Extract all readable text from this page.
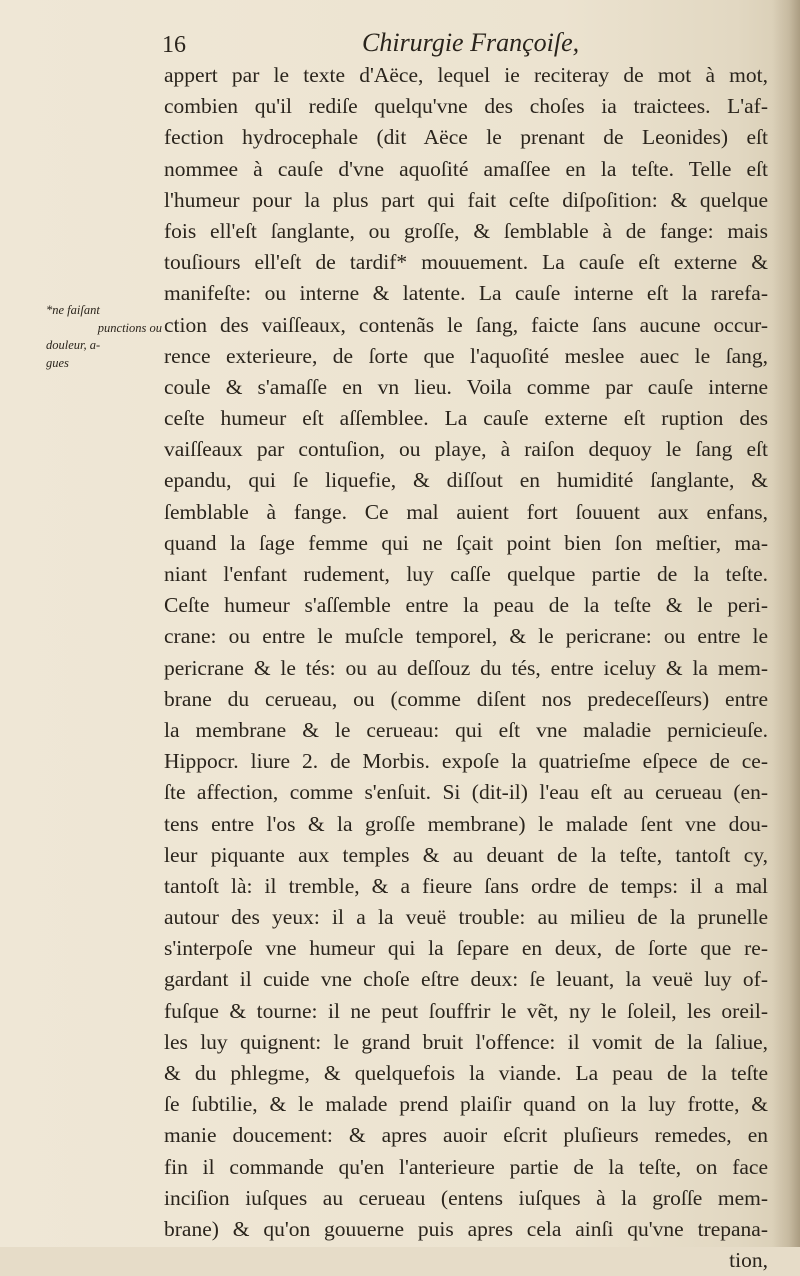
16	Chirurgie Françoiſe,
*ne faiſant
punctions ou
douleur, a-
gues
appert par le texte d'Aëce, lequel ie reciteray de mot à mot,
combien qu'il rediſe quelqu'vne des choſes ia traictees. L'af-
fection hydrocephale (dit Aëce le prenant de Leonides) eſt
nommee à cauſe d'vne aquoſité amaſſee en la teſte. Telle eſt
l'humeur pour la plus part qui fait ceſte diſpoſition: & quelque
fois ell'eſt ſanglante, ou groſſe, & ſemblable à de fange: mais
touſiours ell'eſt de tardif* mouuement. La cauſe eſt externe &
manifeſte: ou interne & latente. La cauſe interne eſt la rarefa-
ction des vaiſſeaux, contenãs le ſang, faicte ſans aucune occur-
rence exterieure, de ſorte que l'aquoſité meslee auec le ſang,
coule & s'amaſſe en vn lieu. Voila comme par cauſe interne
ceſte humeur eſt aſſemblee. La cauſe externe eſt ruption des
vaiſſeaux par contuſion, ou playe, à raiſon dequoy le ſang eſt
epandu, qui ſe liquefie, & diſſout en humidité ſanglante, &
ſemblable à fange. Ce mal auient fort ſouuent aux enfans,
quand la ſage femme qui ne ſçait point bien ſon meſtier, ma-
niant l'enfant rudement, luy caſſe quelque partie de la teſte.
Ceſte humeur s'aſſemble entre la peau de la teſte & le peri-
crane: ou entre le muſcle temporel, & le pericrane: ou entre le
pericrane & le tés: ou au deſſouz du tés, entre iceluy & la mem-
brane du cerueau, ou (comme diſent nos predeceſſeurs) entre
la membrane & le cerueau: qui eſt vne maladie pernicieuſe.
Hippocr. liure 2. de Morbis. expoſe la quatrieſme eſpece de ce-
ſte affection, comme s'enſuit. Si (dit-il) l'eau eſt au cerueau (en-
tens entre l'os & la groſſe membrane) le malade ſent vne dou-
leur piquante aux temples & au deuant de la teſte, tantoſt cy,
tantoſt là: il tremble, & a fieure ſans ordre de temps: il a mal
autour des yeux: il a la veuë trouble: au milieu de la prunelle
s'interpoſe vne humeur qui la ſepare en deux, de ſorte que re-
gardant il cuide vne choſe eſtre deux: ſe leuant, la veuë luy of-
fuſque & tourne: il ne peut ſouffrir le vẽt, ny le ſoleil, les oreil-
les luy quignent: le grand bruit l'offence: il vomit de la ſaliue,
& du phlegme, & quelquefois la viande. La peau de la teſte
ſe ſubtilie, & le malade prend plaiſir quand on la luy frotte, &
manie doucement: & apres auoir eſcrit pluſieurs remedes, en
fin il commande qu'en l'anterieure partie de la teſte, on face
inciſion iuſques au cerueau (entens iuſques à la groſſe mem-
brane) & qu'on gouuerne puis apres cela ainſi qu'vne trepana-
tion,
